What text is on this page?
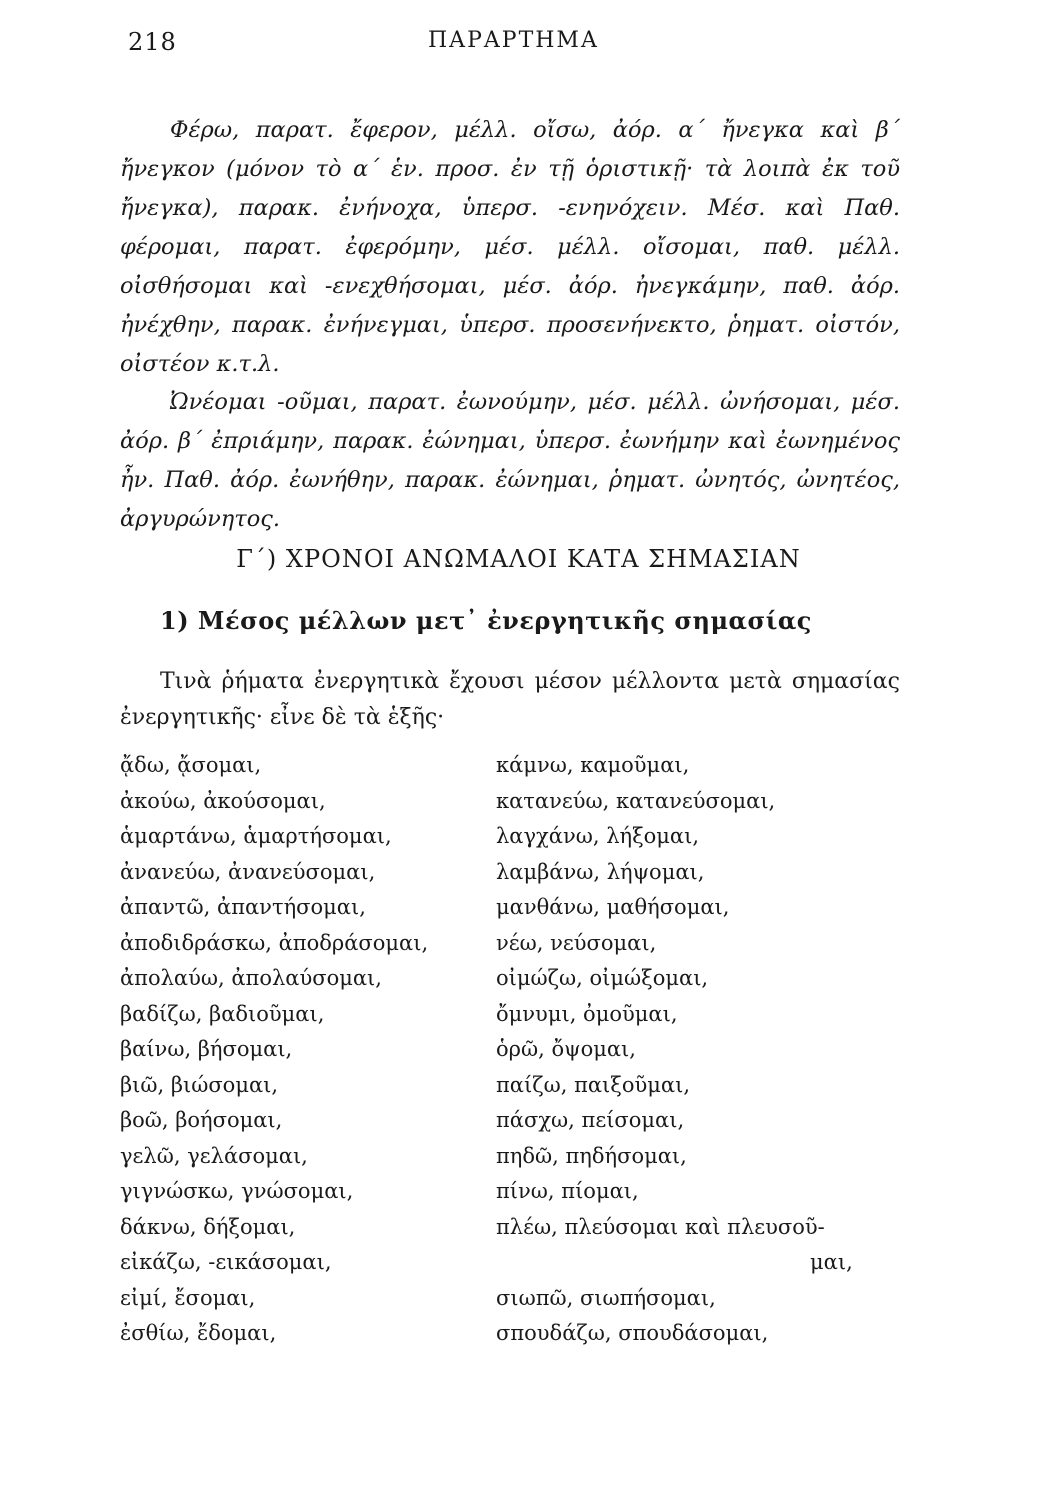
218	ΠΑΡΑΡΤΗΜΑ

Φέρω, παρατ. ἔφερον, μέλλ. οἴσω, ἀόρ. α΄ ἤνεγκα καὶ β΄ ἤνεγκον (μόνον τὸ α΄ ἑν. προσ. ἐν τῇ ὁριστικῇ· τὰ λοιπὰ ἐκ τοῦ ἤνεγκα), παρακ. ἐνήνοχα, ὑπερσ. -ενηνόχειν. Μέσ. καὶ Παθ. φέρομαι, παρατ. ἐφερόμην, μέσ. μέλλ. οἴσομαι, παθ. μέλλ. οἰσθήσομαι καὶ -ενεχθήσομαι, μέσ. ἀόρ. ἠνεγκάμην, παθ. ἀόρ. ἠνέχθην, παρακ. ἐνήνεγμαι, ὑπερσ. προσενήνεκτο, ῥηματ. οἰστόν, οἰστέον κ.τ.λ.

Ὠνέομαι -οῦμαι, παρατ. ἐωνούμην, μέσ. μέλλ. ὠνήσομαι, μέσ. ἀόρ. β΄ ἐπριάμην, παρακ. ἐώνημαι, ὑπερσ. ἐωνήμην καὶ ἐωνημένος ἦν. Παθ. ἀόρ. ἐωνήθην, παρακ. ἐώνημαι, ῥηματ. ὠνητός, ὠνητέος, ἀργυρώνητος.

Γ΄) ΧΡΟΝΟΙ ΑΝΩΜΑΛΟΙ ΚΑΤΑ ΣΗΜΑΣΙΑΝ
1) Μέσος μέλλων μετ᾽ ἐνεργητικῆς σημασίας

Τινὰ ῥήματα ἐνεργητικὰ ἔχουσι μέσον μέλλοντα μετὰ σημασίας ἐνεργητικῆς· εἶνε δὲ τὰ ἑξῆς·

ᾄδω, ᾄσομαι,	κάμνω, καμοῦμαι,
ἀκούω, ἀκούσομαι,	κατανεύω, κατανεύσομαι,
ἁμαρτάνω, ἁμαρτήσομαι,	λαγχάνω, λήξομαι,
ἀνανεύω, ἀνανεύσομαι,	λαμβάνω, λήψομαι,
ἀπαντῶ, ἀπαντήσομαι,	μανθάνω, μαθήσομαι,
ἀποδιδράσκω, ἀποδράσομαι,	νέω, νεύσομαι,
ἀπολαύω, ἀπολαύσομαι,	οἰμώζω, οἰμώξομαι,
βαδίζω, βαδιοῦμαι,	ὄμνυμι, ὀμοῦμαι,
βαίνω, βήσομαι,	ὁρῶ, ὄψομαι,
βιῶ, βιώσομαι,	παίζω, παιξοῦμαι,
βοῶ, βοήσομαι,	πάσχω, πείσομαι,
γελῶ, γελάσομαι,	πηδῶ, πηδήσομαι,
γιγνώσκω, γνώσομαι,	πίνω, πίομαι,
δάκνω, δήξομαι,	πλέω, πλεύσομαι καὶ πλευσοῦ-
εἰκάζω, -εικάσομαι,	μαι,
εἰμί, ἔσομαι,	σιωπῶ, σιωπήσομαι,
ἐσθίω, ἔδομαι,	σπουδάζω, σπουδάσομαι,
